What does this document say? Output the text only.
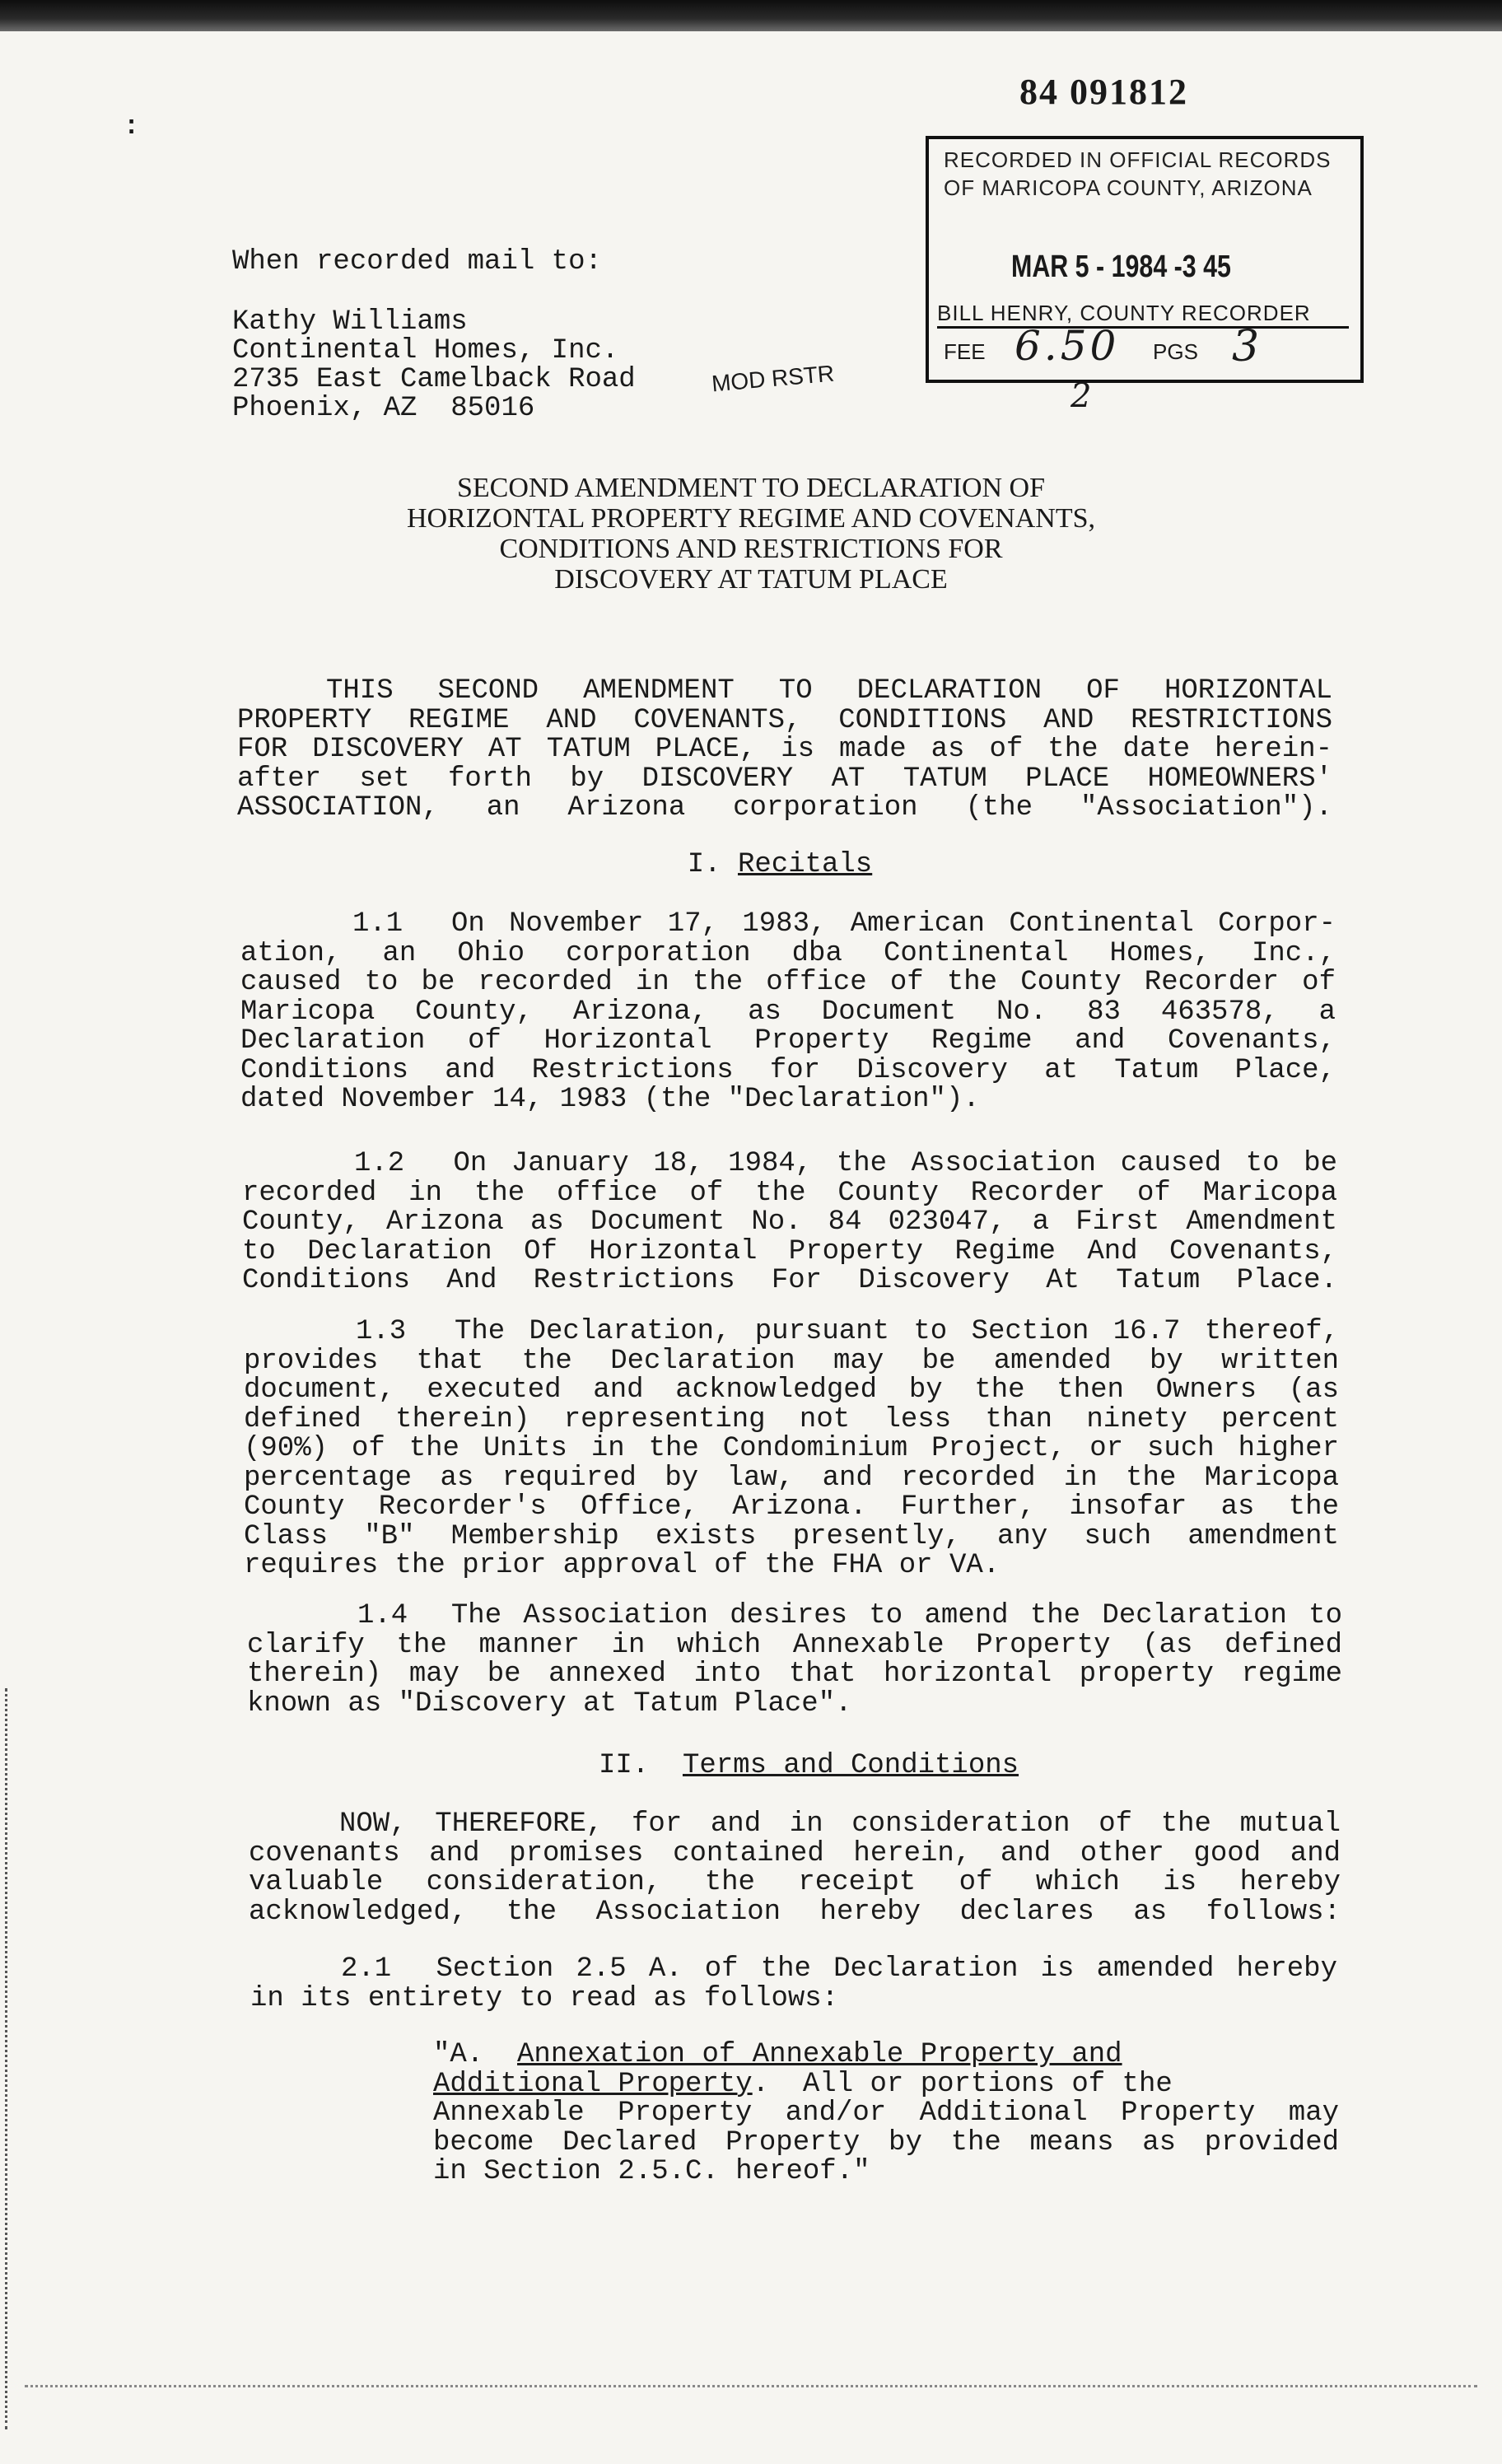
:
84 091812
RECORDED IN OFFICIAL RECORDS
OF MARICOPA COUNTY, ARIZONA
MAR 5 - 1984 -3 45
BILL HENRY, COUNTY RECORDER
FEE 6.50 PGS 3
2
When recorded mail to:
Kathy Williams
Continental Homes, Inc.
2735 East Camelback Road
Phoenix, AZ  85016
MOD RSTR
SECOND AMENDMENT TO DECLARATION OF
HORIZONTAL PROPERTY REGIME AND COVENANTS,
CONDITIONS AND RESTRICTIONS FOR
DISCOVERY AT TATUM PLACE
THIS SECOND AMENDMENT TO DECLARATION OF HORIZONTAL
PROPERTY REGIME AND COVENANTS, CONDITIONS AND RESTRICTIONS
FOR DISCOVERY AT TATUM PLACE, is made as of the date herein-
after set forth by DISCOVERY AT TATUM PLACE HOMEOWNERS'
ASSOCIATION, an Arizona corporation (the "Association").
I. Recitals
1.1  On November 17, 1983, American Continental Corpor-
ation, an Ohio corporation dba Continental Homes, Inc.,
caused to be recorded in the office of the County Recorder of
Maricopa County, Arizona, as Document No. 83 463578, a
Declaration of Horizontal Property Regime and Covenants,
Conditions and Restrictions for Discovery at Tatum Place,
dated November 14, 1983 (the "Declaration").
1.2  On January 18, 1984, the Association caused to be
recorded in the office of the County Recorder of Maricopa
County, Arizona as Document No. 84 023047, a First Amendment
to Declaration Of Horizontal Property Regime And Covenants,
Conditions And Restrictions For Discovery At Tatum Place.
1.3  The Declaration, pursuant to Section 16.7 thereof,
provides that the Declaration may be amended by written
document, executed and acknowledged by the then Owners (as
defined therein) representing not less than ninety percent
(90%) of the Units in the Condominium Project, or such higher
percentage as required by law, and recorded in the Maricopa
County Recorder's Office, Arizona. Further, insofar as the
Class "B" Membership exists presently, any such amendment
requires the prior approval of the FHA or VA.
1.4  The Association desires to amend the Declaration to
clarify the manner in which Annexable Property (as defined
therein) may be annexed into that horizontal property regime
known as "Discovery at Tatum Place".
II. Terms and Conditions
NOW, THEREFORE, for and in consideration of the mutual
covenants and promises contained herein, and other good and
valuable consideration, the receipt of which is hereby
acknowledged, the Association hereby declares as follows:
2.1  Section 2.5 A. of the Declaration is amended hereby
in its entirety to read as follows:
"A.  Annexation of Annexable Property and
Additional Property.  All or portions of the
Annexable Property and/or Additional Property may
become Declared Property by the means as provided
in Section 2.5.C. hereof."
